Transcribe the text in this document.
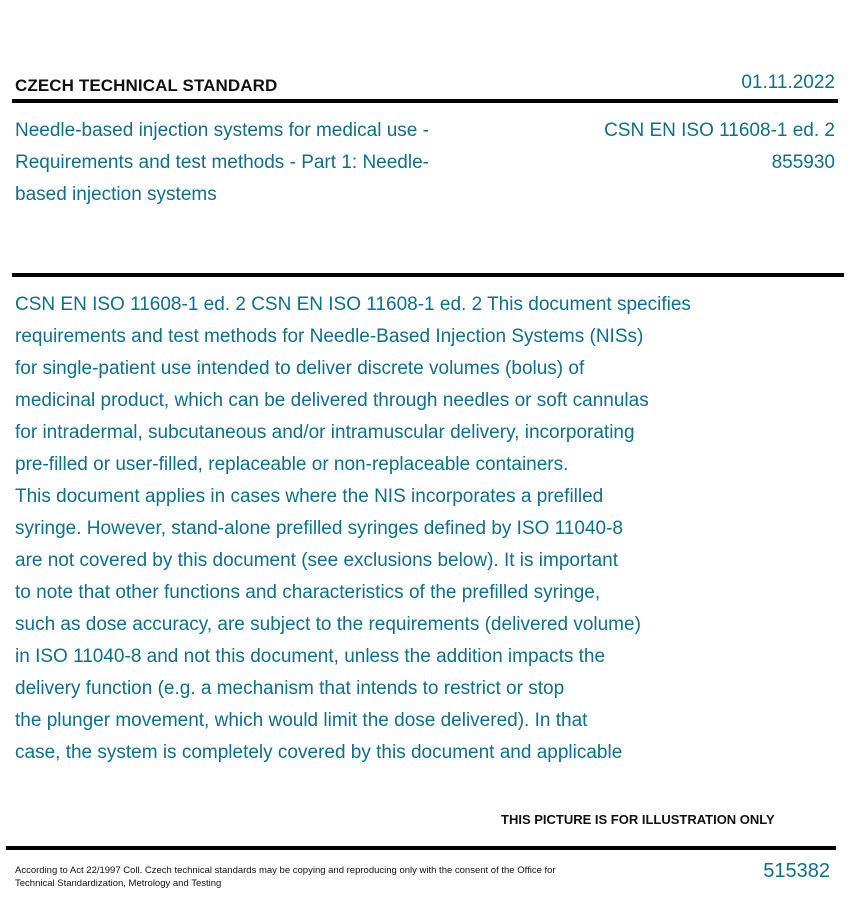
CZECH TECHNICAL STANDARD	01.11.2022
Needle-based injection systems for medical use - Requirements and test methods - Part 1: Needle-based injection systems
CSN EN ISO 11608-1 ed. 2
855930
CSN EN ISO 11608-1 ed. 2 CSN EN ISO 11608-1 ed. 2 This document specifies
requirements and test methods for Needle-Based Injection Systems (NISs)
for single-patient use intended to deliver discrete volumes (bolus) of
medicinal product, which can be delivered through needles or soft cannulas
for intradermal, subcutaneous and/or intramuscular delivery, incorporating
pre-filled or user-filled, replaceable or non-replaceable containers.
This document applies in cases where the NIS incorporates a prefilled
syringe. However, stand-alone prefilled syringes defined by ISO 11040-8
are not covered by this document (see exclusions below). It is important
to note that other functions and characteristics of the prefilled syringe,
such as dose accuracy, are subject to the requirements (delivered volume)
in ISO 11040-8 and not this document, unless the addition impacts the
delivery function (e.g. a mechanism that intends to restrict or stop
the plunger movement, which would limit the dose delivered). In that
case, the system is completely covered by this document and applicable
THIS PICTURE IS FOR ILLUSTRATION ONLY
According to Act 22/1997 Coll. Czech technical standards may be copying and reproducing only with the consent of the Office for Technical Standardization, Metrology and Testing
515382
